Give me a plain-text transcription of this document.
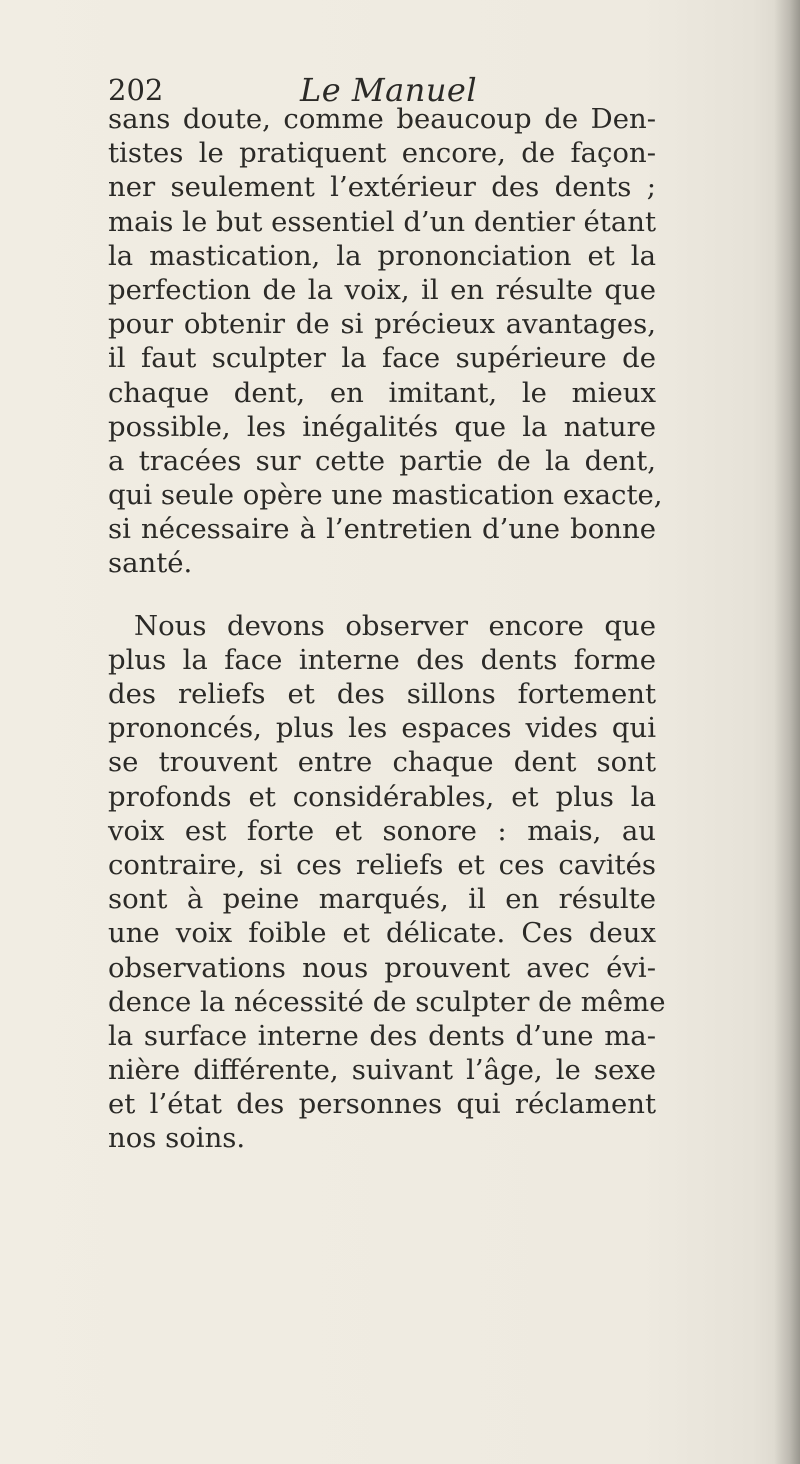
202	Le Manuel
sans doute, comme beaucoup de Den-
tistes le pratiquent encore, de façon-
ner seulement l’extérieur des dents ;
mais le but essentiel d’un dentier étant
la mastication, la prononciation et la
perfection de la voix, il en résulte que
pour obtenir de si précieux avantages,
il faut sculpter la face supérieure de
chaque dent, en imitant, le mieux
possible, les inégalités que la nature
a tracées sur cette partie de la dent,
qui seule opère une mastication exacte,
si nécessaire à l’entretien d’une bonne
santé.
Nous devons observer encore que
plus la face interne des dents forme
des reliefs et des sillons fortement
prononcés, plus les espaces vides qui
se trouvent entre chaque dent sont
profonds et considérables, et plus la
voix est forte et sonore : mais, au
contraire, si ces reliefs et ces cavités
sont à peine marqués, il en résulte
une voix foible et délicate. Ces deux
observations nous prouvent avec évi-
dence la nécessité de sculpter de même
la surface interne des dents d’une ma-
nière différente, suivant l’âge, le sexe
et l’état des personnes qui réclament
nos soins.
